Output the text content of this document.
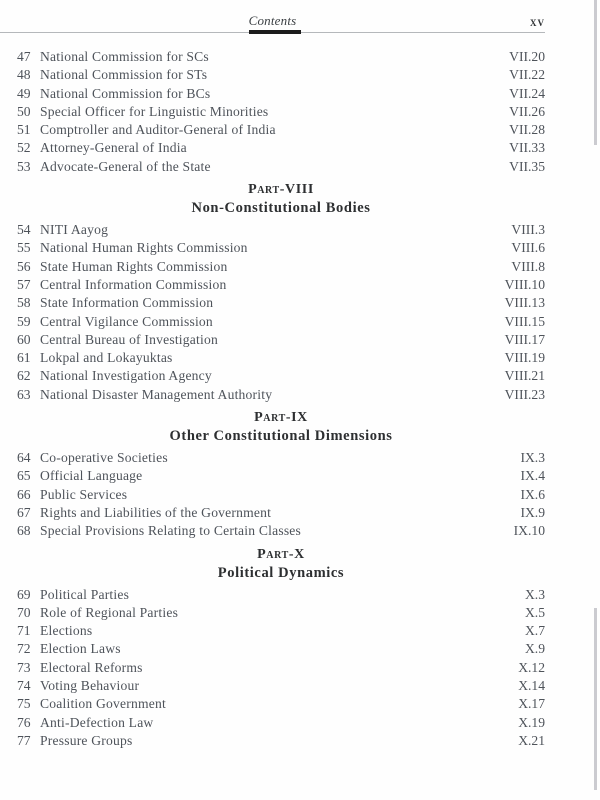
Contents	xv
47 National Commission for SCs	VII.20
48 National Commission for STs	VII.22
49 National Commission for BCs	VII.24
50 Special Officer for Linguistic Minorities	VII.26
51 Comptroller and Auditor-General of India	VII.28
52 Attorney-General of India	VII.33
53 Advocate-General of the State	VII.35
Part-VIII
Non-Constitutional Bodies
54 NITI Aayog	VIII.3
55 National Human Rights Commission	VIII.6
56 State Human Rights Commission	VIII.8
57 Central Information Commission	VIII.10
58 State Information Commission	VIII.13
59 Central Vigilance Commission	VIII.15
60 Central Bureau of Investigation	VIII.17
61 Lokpal and Lokayuktas	VIII.19
62 National Investigation Agency	VIII.21
63 National Disaster Management Authority	VIII.23
Part-IX
Other Constitutional Dimensions
64 Co-operative Societies	IX.3
65 Official Language	IX.4
66 Public Services	IX.6
67 Rights and Liabilities of the Government	IX.9
68 Special Provisions Relating to Certain Classes	IX.10
Part-X
Political Dynamics
69 Political Parties	X.3
70 Role of Regional Parties	X.5
71 Elections	X.7
72 Election Laws	X.9
73 Electoral Reforms	X.12
74 Voting Behaviour	X.14
75 Coalition Government	X.17
76 Anti-Defection Law	X.19
77 Pressure Groups	X.21
